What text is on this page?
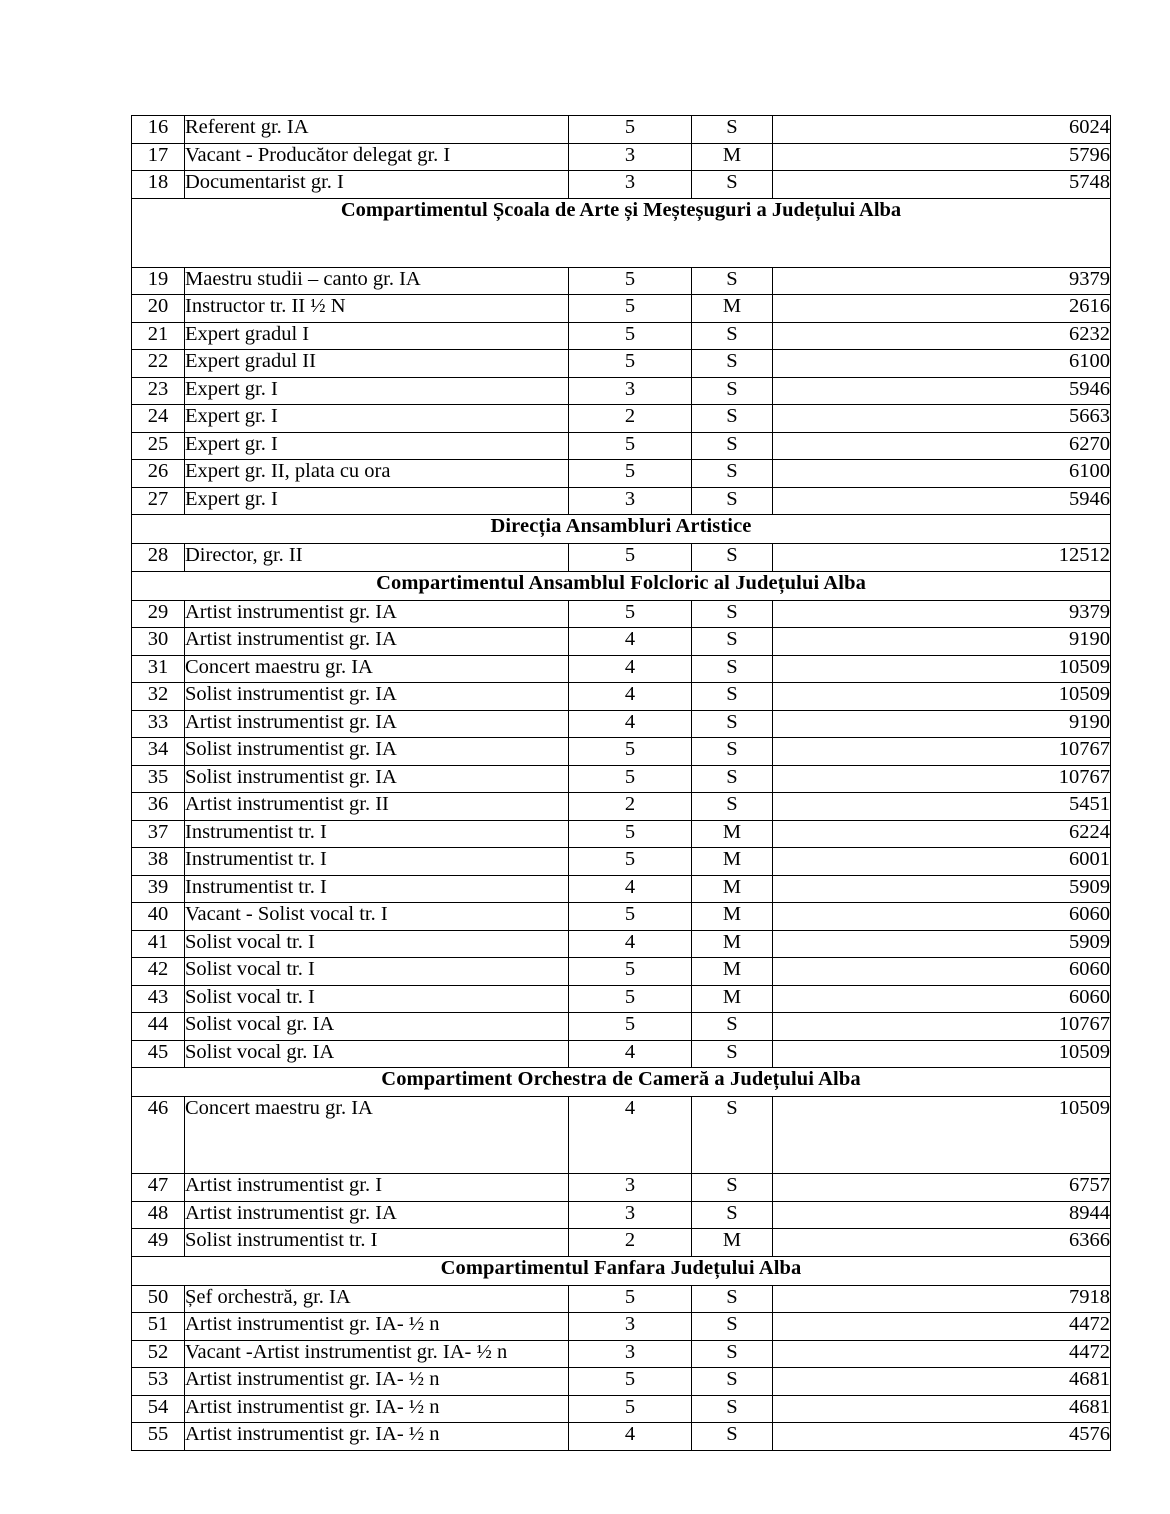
16	Referent gr. IA	5	S	6024
17	Vacant - Producător delegat gr. I	3	M	5796
18	Documentarist gr. I	3	S	5748
Compartimentul Școala de Arte și Meșteșuguri a Județului Alba				
19	Maestru studii – canto gr. IA	5	S	9379
20	Instructor tr. II ½ N	5	M	2616
21	Expert gradul I	5	S	6232
22	Expert gradul II	5	S	6100
23	Expert gr. I	3	S	5946
24	Expert gr. I	2	S	5663
25	Expert gr. I	5	S	6270
26	Expert gr. II, plata cu ora	5	S	6100
27	Expert gr. I	3	S	5946
Direcția Ansambluri Artistice				
28	Director, gr. II	5	S	12512
Compartimentul Ansamblul Folcloric al Județului Alba				
29	Artist instrumentist gr. IA	5	S	9379
30	Artist instrumentist gr. IA	4	S	9190
31	Concert maestru gr. IA	4	S	10509
32	Solist instrumentist gr. IA	4	S	10509
33	Artist instrumentist gr. IA	4	S	9190
34	Solist instrumentist gr. IA	5	S	10767
35	Solist instrumentist gr. IA	5	S	10767
36	Artist instrumentist gr. II	2	S	5451
37	Instrumentist tr. I	5	M	6224
38	Instrumentist tr. I	5	M	6001
39	Instrumentist tr. I	4	M	5909
40	Vacant - Solist vocal tr. I	5	M	6060
41	Solist vocal tr. I	4	M	5909
42	Solist vocal tr. I	5	M	6060
43	Solist vocal tr. I	5	M	6060
44	Solist vocal gr. IA	5	S	10767
45	Solist vocal gr. IA	4	S	10509
Compartiment Orchestra de Cameră a Județului Alba				
46	Concert maestru gr. IA	4	S	10509
47	Artist instrumentist gr. I	3	S	6757
48	Artist instrumentist gr. IA	3	S	8944
49	Solist instrumentist tr. I	2	M	6366
Compartimentul Fanfara Județului Alba				
50	Șef orchestră, gr. IA	5	S	7918
51	Artist instrumentist gr. IA- ½ n	3	S	4472
52	Vacant -Artist instrumentist gr. IA- ½ n	3	S	4472
53	Artist instrumentist gr. IA- ½ n	5	S	4681
54	Artist instrumentist gr. IA- ½ n	5	S	4681
55	Artist instrumentist gr. IA- ½ n	4	S	4576
